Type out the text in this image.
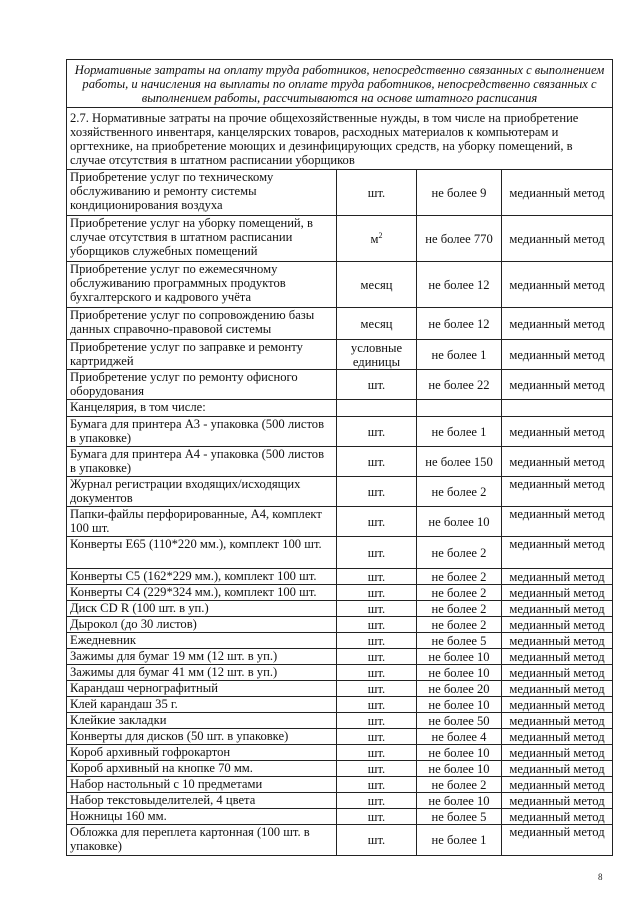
Нормативные затраты на оплату труда работников, непосредственно связанных с выполнением работы, и начисления на выплаты по оплате труда работников, непосредственно связанных с выполнением работы, рассчитываются на основе штатного расписания			
2.7. Нормативные затраты на прочие общехозяйственные нужды, в том числе на приобретение хозяйственного инвентаря, канцелярских товаров, расходных материалов к компьютерам и оргтехнике, на приобретение моющих и дезинфицирующих средств, на уборку помещений, в случае отсутствия в штатном расписании уборщиков			
Приобретение услуг по техническому обслуживанию и ремонту системы кондиционирования воздуха	шт.	не более 9	медианный метод
Приобретение услуг на уборку помещений, в случае отсутствия в штатном расписании уборщиков служебных помещений	$м^2$	не более 770	медианный метод
Приобретение услуг по ежемесячному обслуживанию программных продуктов бухгалтерского и кадрового учёта	месяц	не более 12	медианный метод
Приобретение услуг по сопровождению базы данных справочно-правовой системы	месяц	не более 12	медианный метод
Приобретение услуг по заправке и ремонту картриджей	условные единицы	не более 1	медианный метод
Приобретение услуг по ремонту офисного оборудования	шт.	не более 22	медианный метод
Канцелярия, в том числе:			
Бумага для принтера А3 - упаковка (500 листов в упаковке)	шт.	не более 1	медианный метод
Бумага для принтера А4 - упаковка (500 листов в упаковке)	шт.	не более 150	медианный метод
Журнал регистрации входящих/исходящих документов	шт.	не более 2	медианный метод
Папки-файлы перфорированные, А4, комплект 100 шт.	шт.	не более 10	медианный метод
Конверты Е65 (110*220 мм.), комплект 100 шт.	шт.	не более 2	медианный метод
Конверты С5 (162*229 мм.), комплект 100 шт.	шт.	не более 2	медианный метод
Конверты С4 (229*324 мм.), комплект 100 шт.	шт.	не более 2	медианный метод
Диск CD R (100 шт. в уп.)	шт.	не более 2	медианный метод
Дырокол (до 30 листов)	шт.	не более 2	медианный метод
Ежедневник	шт.	не более 5	медианный метод
Зажимы для бумаг 19 мм (12 шт. в уп.)	шт.	не более 10	медианный метод
Зажимы для бумаг 41 мм (12 шт. в уп.)	шт.	не более 10	медианный метод
Карандаш чернографитный	шт.	не более 20	медианный метод
Клей карандаш 35 г.	шт.	не более 10	медианный метод
Клейкие закладки	шт.	не более 50	медианный метод
Конверты для дисков (50 шт. в упаковке)	шт.	не более 4	медианный метод
Короб архивный гофрокартон	шт.	не более 10	медианный метод
Короб архивный на кнопке 70 мм.	шт.	не более 10	медианный метод
Набор настольный с 10 предметами	шт.	не более 2	медианный метод
Набор текстовыделителей, 4 цвета	шт.	не более 10	медианный метод
Ножницы 160 мм.	шт.	не более 5	медианный метод
Обложка для переплета картонная (100 шт. в упаковке)	шт.	не более 1	медианный метод
8
